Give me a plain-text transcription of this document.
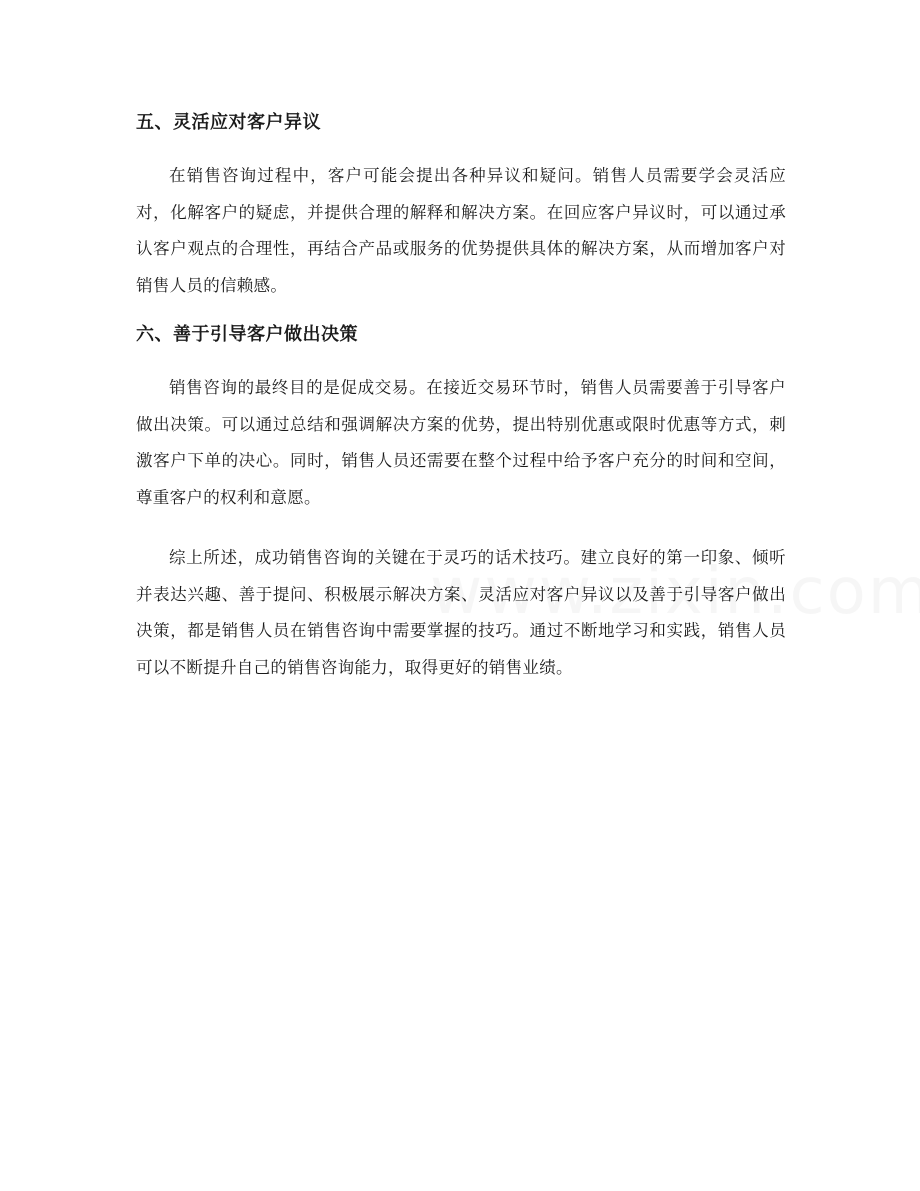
五、灵活应对客户异议

在销售咨询过程中，客户可能会提出各种异议和疑问。销售人员需要学会灵活应对，化解客户的疑虑，并提供合理的解释和解决方案。在回应客户异议时，可以通过承认客户观点的合理性，再结合产品或服务的优势提供具体的解决方案，从而增加客户对销售人员的信赖感。

六、善于引导客户做出决策

销售咨询的最终目的是促成交易。在接近交易环节时，销售人员需要善于引导客户做出决策。可以通过总结和强调解决方案的优势，提出特别优惠或限时优惠等方式，刺激客户下单的决心。同时，销售人员还需要在整个过程中给予客户充分的时间和空间，尊重客户的权利和意愿。

综上所述，成功销售咨询的关键在于灵巧的话术技巧。建立良好的第一印象、倾听并表达兴趣、善于提问、积极展示解决方案、灵活应对客户异议以及善于引导客户做出决策，都是销售人员在销售咨询中需要掌握的技巧。通过不断地学习和实践，销售人员可以不断提升自己的销售咨询能力，取得更好的销售业绩。
